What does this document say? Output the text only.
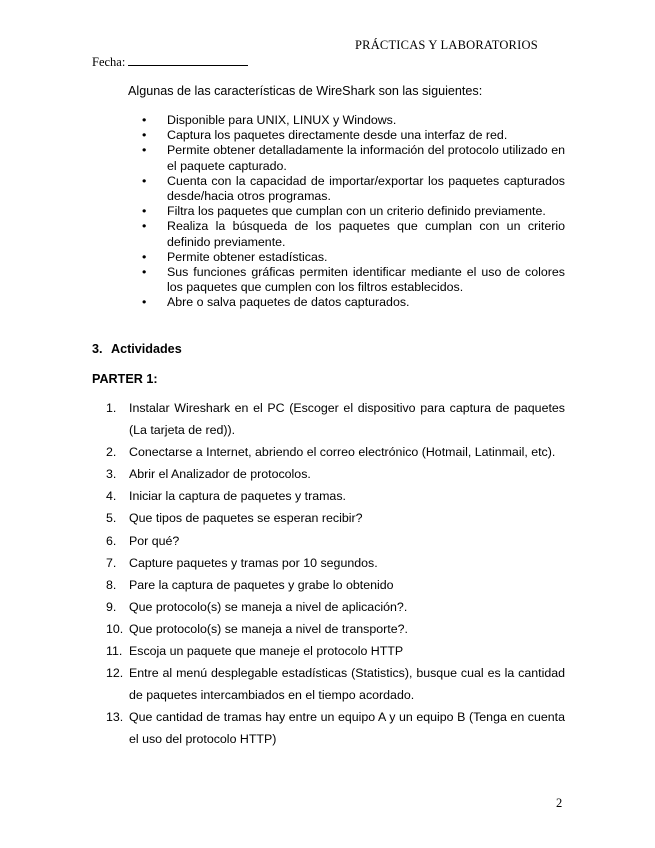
PRÁCTICAS Y LABORATORIOS
Fecha:
Algunas de las características de WireShark son las siguientes:
• Disponible para UNIX, LINUX y Windows.
• Captura los paquetes directamente desde una interfaz de red.
• Permite obtener detalladamente la información del protocolo utilizado en el paquete capturado.
• Cuenta con la capacidad de importar/exportar los paquetes capturados desde/hacia otros programas.
• Filtra los paquetes que cumplan con un criterio definido previamente.
• Realiza la búsqueda de los paquetes que cumplan con un criterio definido previamente.
• Permite obtener estadísticas.
• Sus funciones gráficas permiten identificar mediante el uso de colores los paquetes que cumplen con los filtros establecidos.
• Abre o salva paquetes de datos capturados.
3. Actividades
PARTER 1:
1. Instalar Wireshark en el PC (Escoger el dispositivo para captura de paquetes (La tarjeta de red)).
2. Conectarse a Internet, abriendo el correo electrónico (Hotmail, Latinmail, etc).
3. Abrir el Analizador de protocolos.
4. Iniciar la captura de paquetes y tramas.
5. Que tipos de paquetes se esperan recibir?
6. Por qué?
7. Capture paquetes y tramas por 10 segundos.
8. Pare la captura de paquetes y grabe lo obtenido
9. Que protocolo(s) se maneja a nivel de aplicación?.
10. Que protocolo(s) se maneja a nivel de transporte?.
11. Escoja un paquete que maneje el protocolo HTTP
12. Entre al menú desplegable estadísticas (Statistics), busque cual es la cantidad de paquetes intercambiados en el tiempo acordado.
13. Que cantidad de tramas hay entre un equipo A y un equipo B (Tenga en cuenta el uso del protocolo HTTP)
2
